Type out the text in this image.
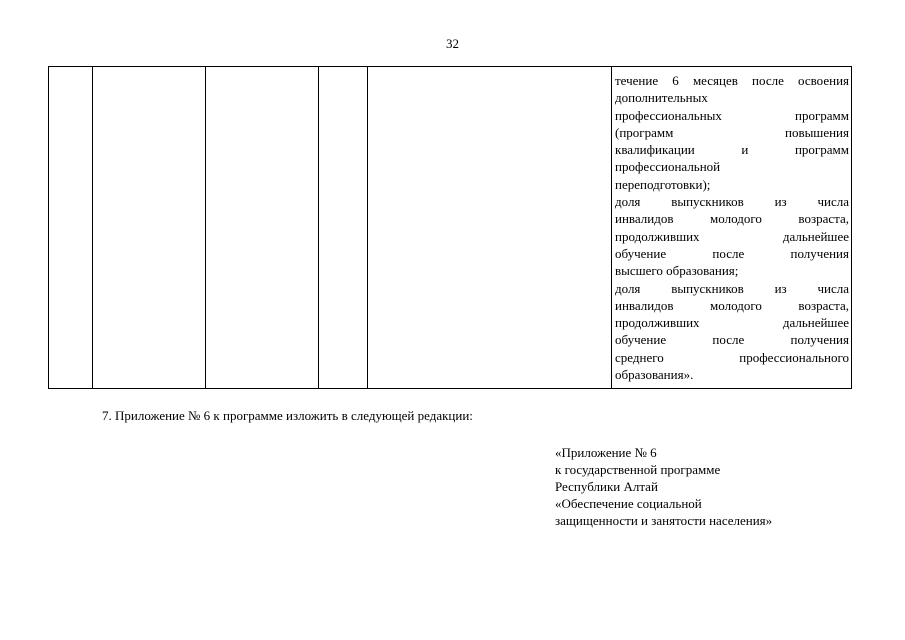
32

течение 6 месяцев после освоения
дополнительных
профессиональных программ
(программ повышения
квалификации и программ
профессиональной
переподготовки);
доля выпускников из числа
инвалидов молодого возраста,
продолживших дальнейшее
обучение после получения
высшего образования;
доля выпускников из числа
инвалидов молодого возраста,
продолживших дальнейшее
обучение после получения
среднего профессионального
образования».
7. Приложение № 6 к программе изложить в следующей редакции:
«Приложение № 6
к государственной программе
Республики Алтай
«Обеспечение социальной
защищенности и занятости населения»
